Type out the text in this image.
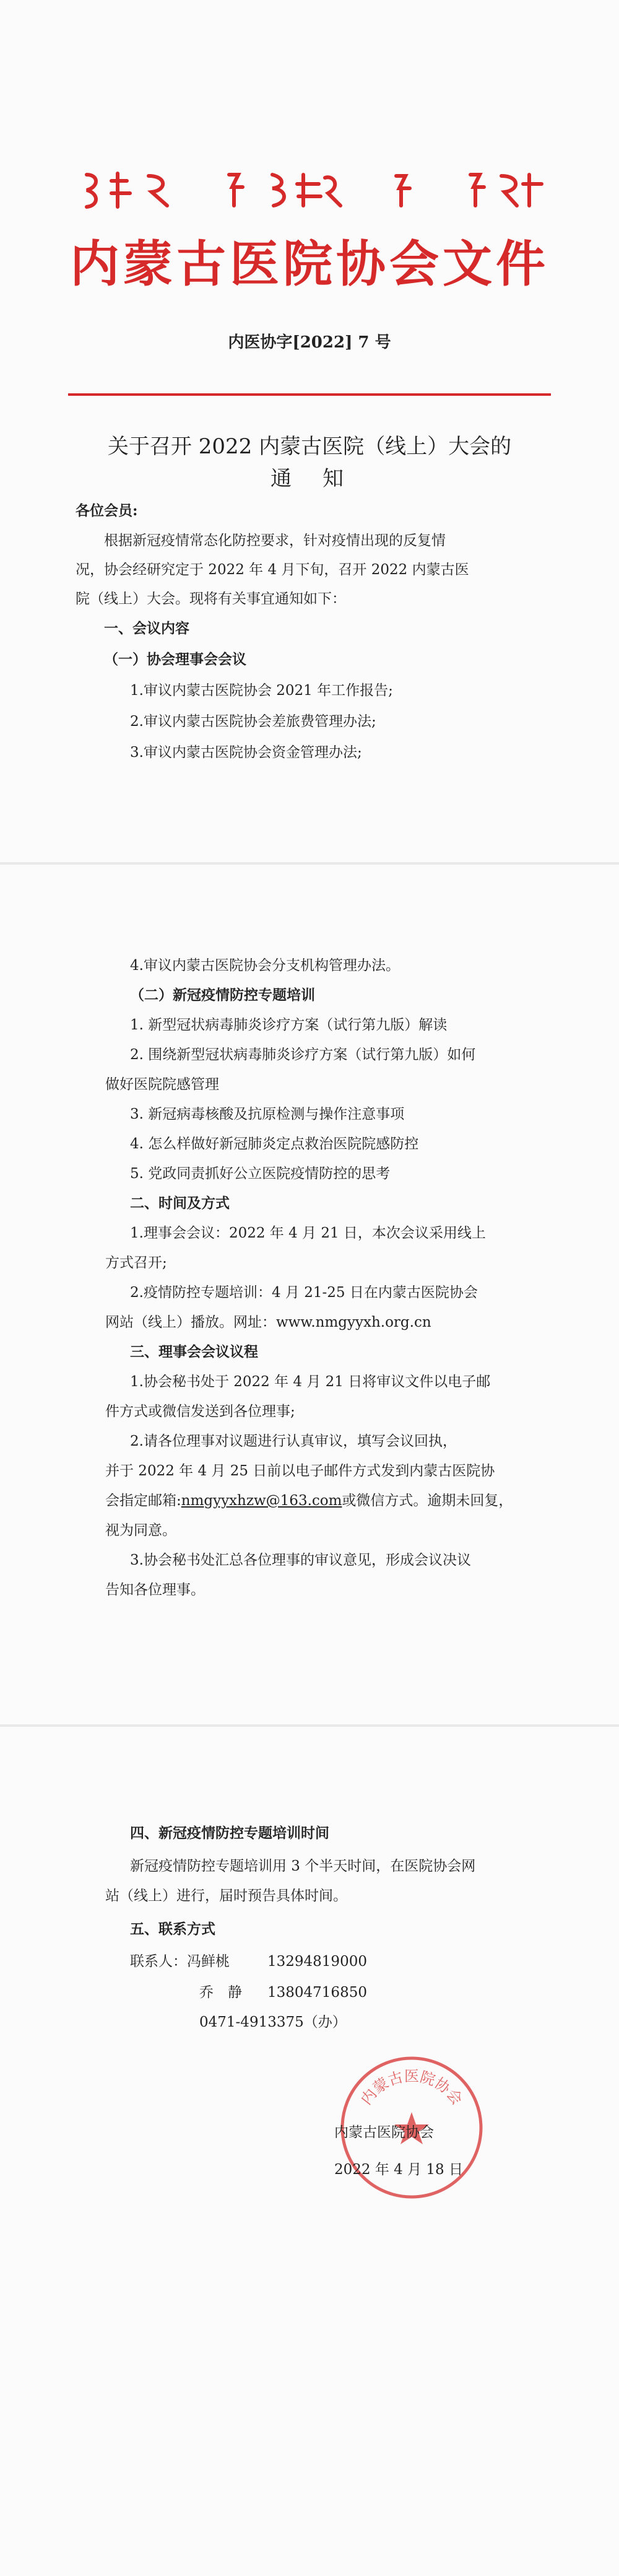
内蒙古医院协会文件
内医协字[2022] 7 号
关于召开 2022 内蒙古医院（线上）大会的
通　知
各位会员:
根据新冠疫情常态化防控要求，针对疫情出现的反复情
况，协会经研究定于 2022 年 4 月下旬，召开 2022 内蒙古医
院（线上）大会。现将有关事宜通知如下：
一、会议内容
（一）协会理事会会议
1.审议内蒙古医院协会 2021 年工作报告;
2.审议内蒙古医院协会差旅费管理办法;
3.审议内蒙古医院协会资金管理办法;
4.审议内蒙古医院协会分支机构管理办法。
（二）新冠疫情防控专题培训
1. 新型冠状病毒肺炎诊疗方案（试行第九版）解读
2. 围绕新型冠状病毒肺炎诊疗方案（试行第九版）如何
做好医院院感管理
3. 新冠病毒核酸及抗原检测与操作注意事项
4. 怎么样做好新冠肺炎定点救治医院院感防控
5. 党政同责抓好公立医院疫情防控的思考
二、时间及方式
1.理事会会议：2022 年 4 月 21 日，本次会议采用线上
方式召开;
2.疫情防控专题培训：4 月 21-25 日在内蒙古医院协会
网站（线上）播放。网址：www.nmgyyxh.org.cn
三、理事会会议议程
1.协会秘书处于 2022 年 4 月 21 日将审议文件以电子邮
件方式或微信发送到各位理事;
2.请各位理事对议题进行认真审议，填写会议回执，
并于 2022 年 4 月 25 日前以电子邮件方式发到内蒙古医院协
会指定邮箱:nmgyyxhzw@163.com或微信方式。逾期未回复，
视为同意。
3.协会秘书处汇总各位理事的审议意见，形成会议决议
告知各位理事。
四、新冠疫情防控专题培训时间
新冠疫情防控专题培训用 3 个半天时间，在医院协会网
站（线上）进行，届时预告具体时间。
五、联系方式
联系人：冯鲜桃	13294819000
乔　静 13804716850
0471-4913375（办）
内蒙古医院协会
内蒙古医院协会
2022 年 4 月 18 日
